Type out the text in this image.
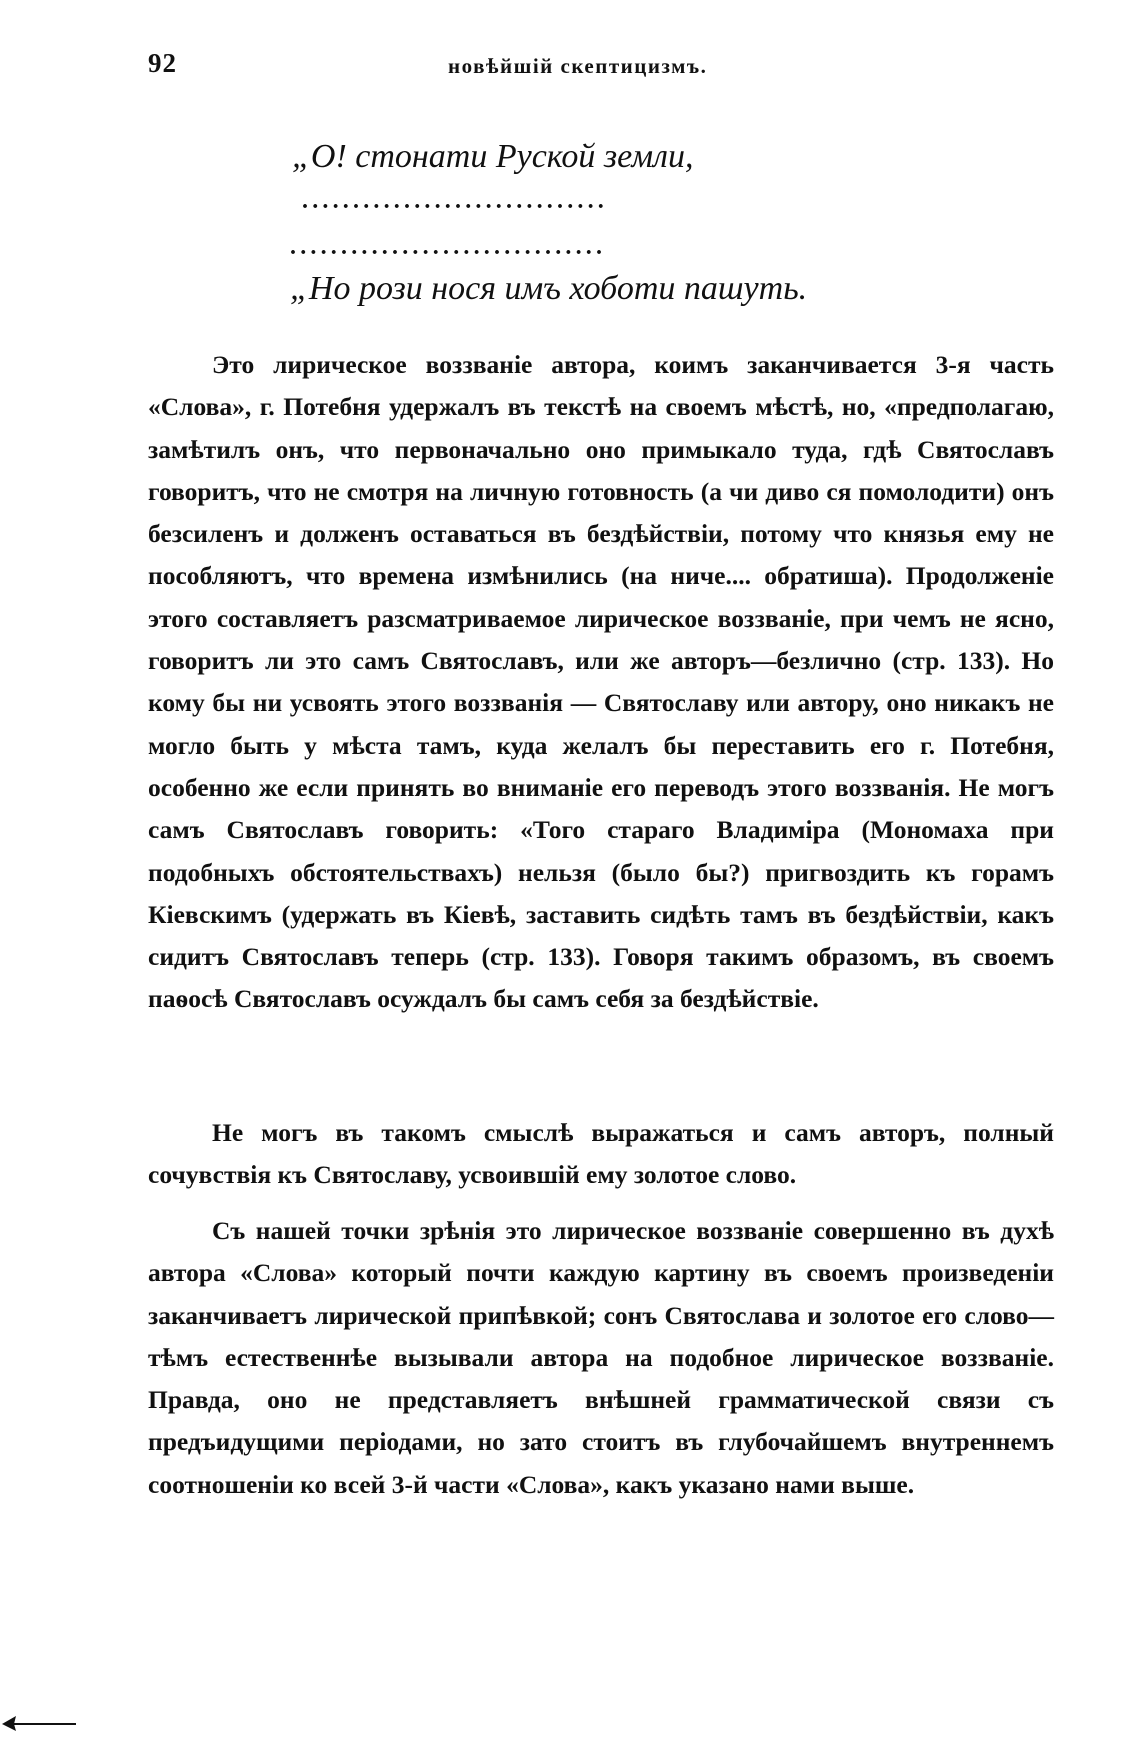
92	новѣйшій скептицизмъ.
„О! стонати Руской земли,
..............................
...............................
„Но рози нося имъ хоботи пашуть.

Это лирическое воззваніе автора, коимъ заканчивается 3-я часть «Слова», г. Потебня удержалъ въ текстѣ на своемъ мѣстѣ, но, «предполагаю, замѣтилъ онъ, что первоначально оно примыкало туда, гдѣ Святославъ говоритъ, что не смотря на личную готовность (а чи диво ся помолодити) онъ безсиленъ и долженъ оставаться въ бездѣйствіи, потому что князья ему не пособляютъ, что времена измѣнились (на ниче.... обратиша). Продолженіе этого составляетъ разсматриваемое лирическое воззваніе, при чемъ не ясно, говоритъ ли это самъ Святославъ, или же авторъ—безлично (стр. 133). Но кому бы ни усвоять этого воззванія — Святославу или автору, оно никакъ не могло быть у мѣста тамъ, куда желалъ бы переставить его г. Потебня, особенно же если принять во вниманіе его переводъ этого воззванія. Не могъ самъ Святославъ говорить: «Того стараго Владиміра (Мономаха при подобныхъ обстоятельствахъ) нельзя (было бы?) пригвоздить къ горамъ Кіевскимъ (удержать въ Кіевѣ, заставить сидѣть тамъ въ бездѣйствіи, какъ сидитъ Святославъ теперь (стр. 133). Говоря такимъ образомъ, въ своемъ паѳосѣ Святославъ осуждалъ бы самъ себя за бездѣйствіе.

Не могъ въ такомъ смыслѣ выражаться и самъ авторъ, полный сочувствія къ Святославу, усвоившій ему золотое слово.

Съ нашей точки зрѣнія это лирическое воззваніе совершенно въ духѣ автора «Слова» который почти каждую картину въ своемъ произведеніи заканчиваетъ лирической припѣвкой; сонъ Святослава и золотое его слово—тѣмъ естественнѣе вызывали автора на подобное лирическое воззваніе. Правда, оно не представляетъ внѣшней грамматической связи съ предъидущими періодами, но зато стоитъ въ глубочайшемъ внутреннемъ соотношеніи ко всей 3-й части «Слова», какъ указано нами выше.
